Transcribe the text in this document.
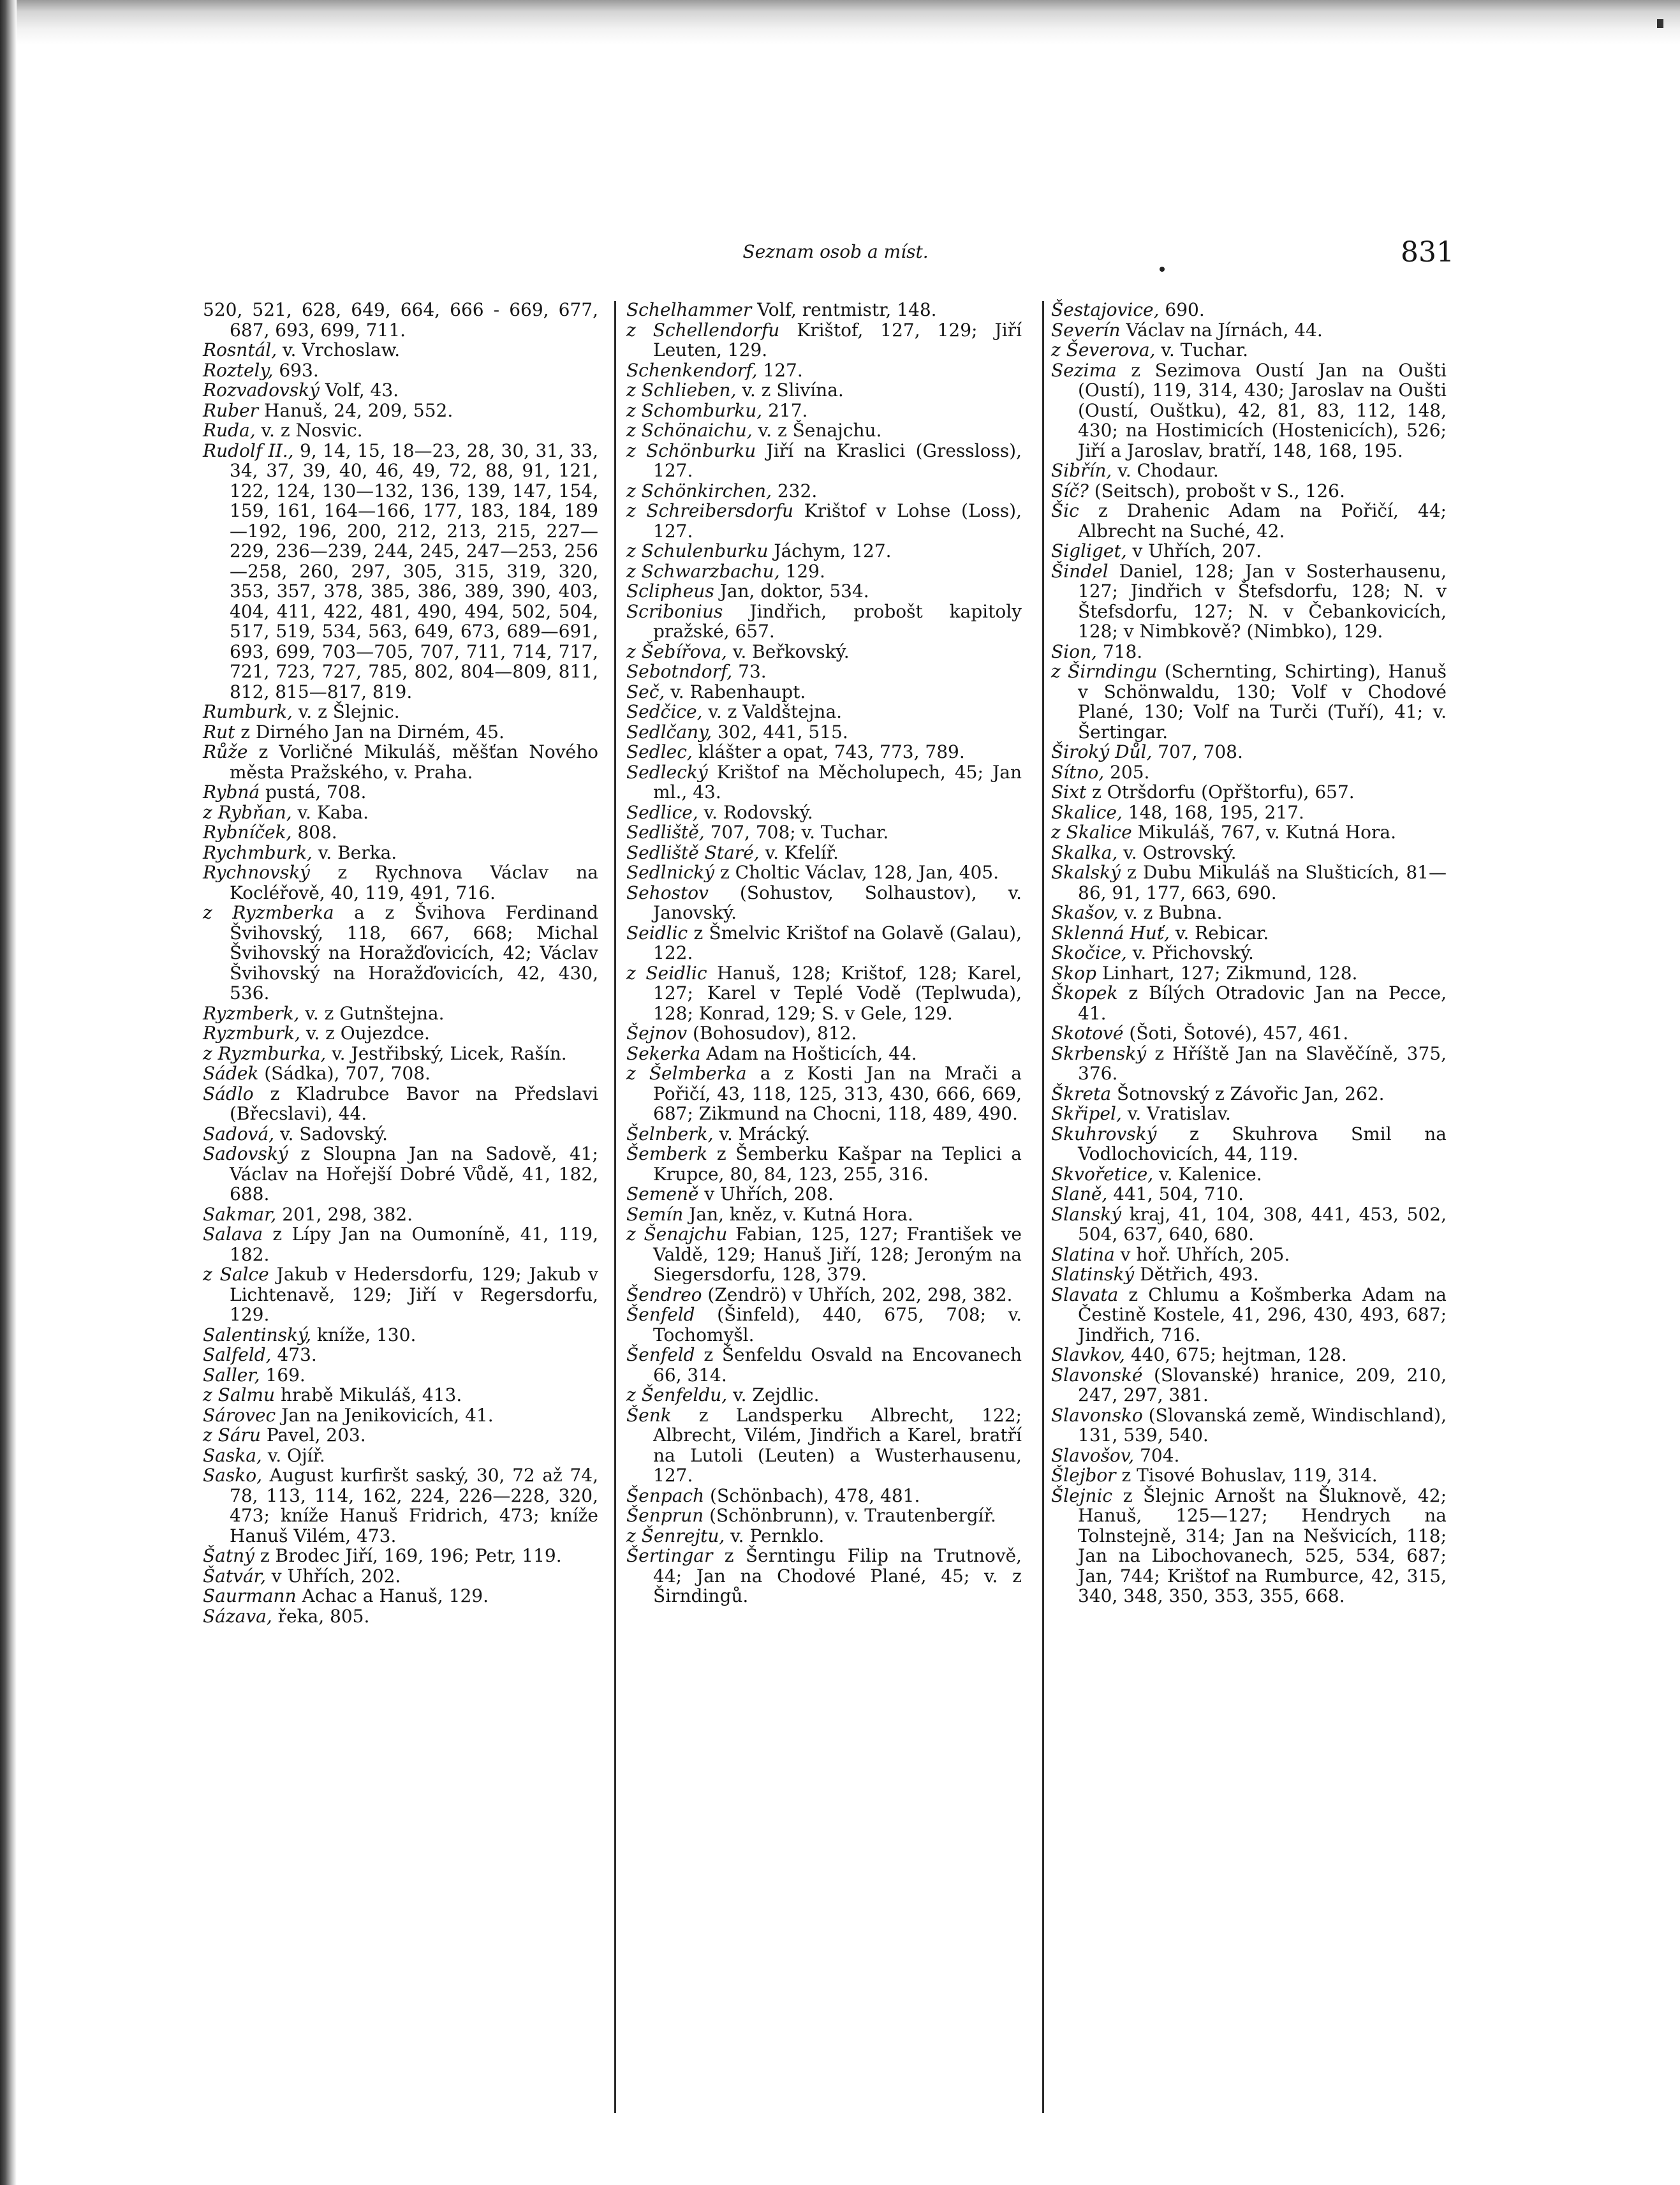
Seznam osob a míst.	831

520, 521, 628, 649, 664, 666 - 669, 677, 687, 693, 699, 711.

Rosntál, v. Vrchoslaw.

Roztely, 693.

Rozvadovský Volf, 43.

Ruber Hanuš, 24, 209, 552.

Ruda, v. z Nosvic.

Rudolf II., 9, 14, 15, 18—23, 28, 30, 31, 33, 34, 37, 39, 40, 46, 49, 72, 88, 91, 121, 122, 124, 130—132, 136, 139, 147, 154, 159, 161, 164—166, 177, 183, 184, 189—192, 196, 200, 212, 213, 215, 227—229, 236—239, 244, 245, 247—253, 256—258, 260, 297, 305, 315, 319, 320, 353, 357, 378, 385, 386, 389, 390, 403, 404, 411, 422, 481, 490, 494, 502, 504, 517, 519, 534, 563, 649, 673, 689—691, 693, 699, 703—705, 707, 711, 714, 717, 721, 723, 727, 785, 802, 804—809, 811, 812, 815—817, 819.

Rumburk, v. z Šlejnic.

Rut z Dirného Jan na Dirném, 45.

Růže z Vorličné Mikuláš, měšťan Nového města Pražského, v. Praha.

Rybná pustá, 708.

z Rybňan, v. Kaba.

Rybníček, 808.

Rychmburk, v. Berka.

Rychnovský z Rychnova Václav na Kocléřově, 40, 119, 491, 716.

z Ryzmberka a z Švihova Ferdinand Švihovský, 118, 667, 668; Michal Švihovský na Horažďovicích, 42; Václav Švihovský na Horažďovicích, 42, 430, 536.

Ryzmberk, v. z Gutnštejna.

Ryzmburk, v. z Oujezdce.

z Ryzmburka, v. Jestřibský, Licek, Rašín.

Sádek (Sádka), 707, 708.

Sádlo z Kladrubce Bavor na Předslavi (Břecslavi), 44.

Sadová, v. Sadovský.

Sadovský z Sloupna Jan na Sadově, 41; Václav na Hořejší Dobré Vůdě, 41, 182, 688.

Sakmar, 201, 298, 382.

Salava z Lípy Jan na Oumoníně, 41, 119, 182.

z Salce Jakub v Hedersdorfu, 129; Jakub v Lichtenavě, 129; Jiří v Regersdorfu, 129.

Salentinský, kníže, 130.

Salfeld, 473.

Saller, 169.

z Salmu hrabě Mikuláš, 413.

Sárovec Jan na Jenikovicích, 41.

z Sáru Pavel, 203.

Saska, v. Ojíř.

Sasko, August kurfiršt saský, 30, 72 až 74, 78, 113, 114, 162, 224, 226—228, 320, 473; kníže Hanuš Fridrich, 473; kníže Hanuš Vilém, 473.

Šatný z Brodec Jiří, 169, 196; Petr, 119.

Šatvár, v Uhřích, 202.

Saurmann Achac a Hanuš, 129.

Sázava, řeka, 805.

Schelhammer Volf, rentmistr, 148.

z Schellendorfu Krištof, 127, 129; Jiří Leuten, 129.

Schenkendorf, 127.

z Schlieben, v. z Slivína.

z Schomburku, 217.

z Schönaichu, v. z Šenajchu.

z Schönburku Jiří na Kraslici (Gressloss), 127.

z Schönkirchen, 232.

z Schreibersdorfu Krištof v Lohse (Loss), 127.

z Schulenburku Jáchym, 127.

z Schwarzbachu, 129.

Sclipheus Jan, doktor, 534.

Scribonius Jindřich, probošt kapitoly pražské, 657.

z Šebířova, v. Beřkovský.

Sebotndorf, 73.

Seč, v. Rabenhaupt.

Sedčice, v. z Valdštejna.

Sedlčany, 302, 441, 515.

Sedlec, klášter a opat, 743, 773, 789.

Sedlecký Krištof na Měcholupech, 45; Jan ml., 43.

Sedlice, v. Rodovský.

Sedliště, 707, 708; v. Tuchar.

Sedliště Staré, v. Kfelíř.

Sedlnický z Choltic Václav, 128, Jan, 405.

Sehostov (Sohustov, Solhaustov), v. Janovský.

Seidlic z Šmelvic Krištof na Golavě (Galau), 122.

z Seidlic Hanuš, 128; Krištof, 128; Karel, 127; Karel v Teplé Vodě (Teplwuda), 128; Konrad, 129; S. v Gele, 129.

Šejnov (Bohosudov), 812.

Sekerka Adam na Hošticích, 44.

z Šelmberka a z Kosti Jan na Mrači a Pořičí, 43, 118, 125, 313, 430, 666, 669, 687; Zikmund na Chocni, 118, 489, 490.

Šelnberk, v. Mrácký.

Šemberk z Šemberku Kašpar na Teplici a Krupce, 80, 84, 123, 255, 316.

Semeně v Uhřích, 208.

Semín Jan, kněz, v. Kutná Hora.

z Šenajchu Fabian, 125, 127; František ve Valdě, 129; Hanuš Jiří, 128; Jeroným na Siegersdorfu, 128, 379.

Šendreo (Zendrö) v Uhřích, 202, 298, 382.

Šenfeld (Šinfeld), 440, 675, 708; v. Tochomyšl.

Šenfeld z Šenfeldu Osvald na Encovanech 66, 314.

z Šenfeldu, v. Zejdlic.

Šenk z Landsperku Albrecht, 122; Albrecht, Vilém, Jindřich a Karel, bratří na Lutoli (Leuten) a Wusterhausenu, 127.

Šenpach (Schönbach), 478, 481.

Šenprun (Schönbrunn), v. Trautenbergíř.

z Šenrejtu, v. Pernklo.

Šertingar z Šerntingu Filip na Trutnově, 44; Jan na Chodové Plané, 45; v. z Širndingů.

Šestajovice, 690.

Severín Václav na Jírnách, 44.

z Ševerova, v. Tuchar.

Sezima z Sezimova Oustí Jan na Oušti (Oustí), 119, 314, 430; Jaroslav na Oušti (Oustí, Ouštku), 42, 81, 83, 112, 148, 430; na Hostimicích (Hostenicích), 526; Jiří a Jaroslav, bratří, 148, 168, 195.

Sibřín, v. Chodaur.

Síč? (Seitsch), probošt v S., 126.

Šic z Drahenic Adam na Pořičí, 44; Albrecht na Suché, 42.

Sigliget, v Uhřích, 207.

Šindel Daniel, 128; Jan v Sosterhausenu, 127; Jindřich v Štefsdorfu, 128; N. v Štefsdorfu, 127; N. v Čebankovicích, 128; v Nimbkově? (Nimbko), 129.

Sion, 718.

z Širndingu (Schernting, Schirting), Hanuš v Schönwaldu, 130; Volf v Chodové Plané, 130; Volf na Turči (Tuří), 41; v. Šertingar.

Široký Důl, 707, 708.

Sítno, 205.

Sixt z Otršdorfu (Opřštorfu), 657.

Skalice, 148, 168, 195, 217.

z Skalice Mikuláš, 767, v. Kutná Hora.

Skalka, v. Ostrovský.

Skalský z Dubu Mikuláš na Slušticích, 81—86, 91, 177, 663, 690.

Skašov, v. z Bubna.

Sklenná Huť, v. Rebicar.

Skočice, v. Přichovský.

Skop Linhart, 127; Zikmund, 128.

Škopek z Bílých Otradovic Jan na Pecce, 41.

Skotové (Šoti, Šotové), 457, 461.

Skrbenský z Hříště Jan na Slavěčíně, 375, 376.

Škreta Šotnovský z Závořic Jan, 262.

Skřipel, v. Vratislav.

Skuhrovský z Skuhrova Smil na Vodlochovicích, 44, 119.

Skvořetice, v. Kalenice.

Slaně, 441, 504, 710.

Slanský kraj, 41, 104, 308, 441, 453, 502, 504, 637, 640, 680.

Slatina v hoř. Uhřích, 205.

Slatinský Dětřich, 493.

Slavata z Chlumu a Košmberka Adam na Čestině Kostele, 41, 296, 430, 493, 687; Jindřich, 716.

Slavkov, 440, 675; hejtman, 128.

Slavonské (Slovanské) hranice, 209, 210, 247, 297, 381.

Slavonsko (Slovanská země, Windischland), 131, 539, 540.

Slavošov, 704.

Šlejbor z Tisové Bohuslav, 119, 314.

Šlejnic z Šlejnic Arnošt na Šluknově, 42; Hanuš, 125—127; Hendrych na Tolnstejně, 314; Jan na Nešvicích, 118; Jan na Libochovanech, 525, 534, 687; Jan, 744; Krištof na Rumburce, 42, 315, 340, 348, 350, 353, 355, 668.
